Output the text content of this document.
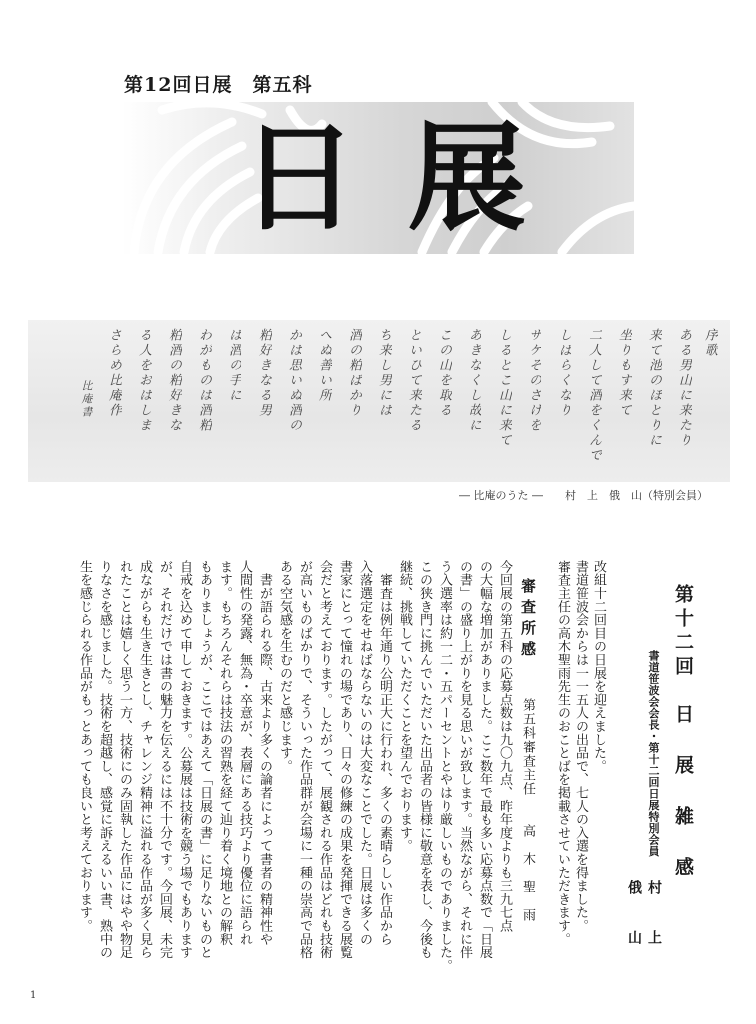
第12回日展　第五科
日展
序歌
ある男山に来たり
来て池のほとりに
坐りもす来て
二人して酒をくんで
しばらくなり
サケそのさけを
しるとこ山に来て
あきなくし故に
この山を取る
といひて来たる
ち来し男には
酒の粕ばかり
へぬ善い所
かは思いぬ酒の
粕好きなる男
は酒の手に
わがものは酒粕
粕酒の粕好きな
る人をおはしま
さらめ比庵作
比庵書
― 比庵のうた ―　　村　上　俄　山（特別会員）
第十二回　日 展 雑 感
書道笹波会会長・第十二回日展特別会員
村 上 俄 山
改組十二回目の日展を迎えました。
書道笹波会からは一一五人の出品で、七人の入選を得ました。
審査主任の高木聖雨先生のおことばを掲載させていただきます。
審査所感
第五科審査主任　　高　木　聖　雨
今回展の第五科の応募点数は九〇九点、昨年度よりも三九七点
の大幅な増加がありました。ここ数年で最も多い応募点数で「日展
の書」の盛り上がりを見る思いが致します。当然ながら、それに伴
う入選率は約一二・五パーセントとやはり厳しいものでありました。
この狭き門に挑んでいただいた出品者の皆様に敬意を表し、今後も
継続、挑戦していただくことを望んでおります。
　審査は例年通り公明正大に行われ、多くの素晴らしい作品から
入落選定をせねばならないのは大変なことでした。日展は多くの
書家にとって憧れの場であり、日々の修練の成果を発揮できる展覧
会だと考えております。したがって、展観される作品はどれも技術
が高いものばかりで、そういった作品群が会場に一種の崇高で品格
ある空気感を生むのだと感じます。
　書が語られる際、古来より多くの論者によって書者の精神性や
人間性の発露、無為・卒意が、表層にある技巧より優位に語られ
ます。もちろんそれらは技法の習熟を経て辿り着く境地との解釈
もありましょうが、ここではあえて「日展の書」に足りないものと
自戒を込めて申しておきます。公募展は技術を競う場でもあります
が、それだけでは書の魅力を伝えるには不十分です。今回展、未完
成ながらも生き生きとし、チャレンジ精神に溢れる作品が多く見ら
れたことは嬉しく思う一方、技術にのみ固執した作品にはやや物足
りなさを感じました。技術を超越し、感覚に訴えるいい書、熟中の
生を感じられる作品がもっとあっても良いと考えております。
1
